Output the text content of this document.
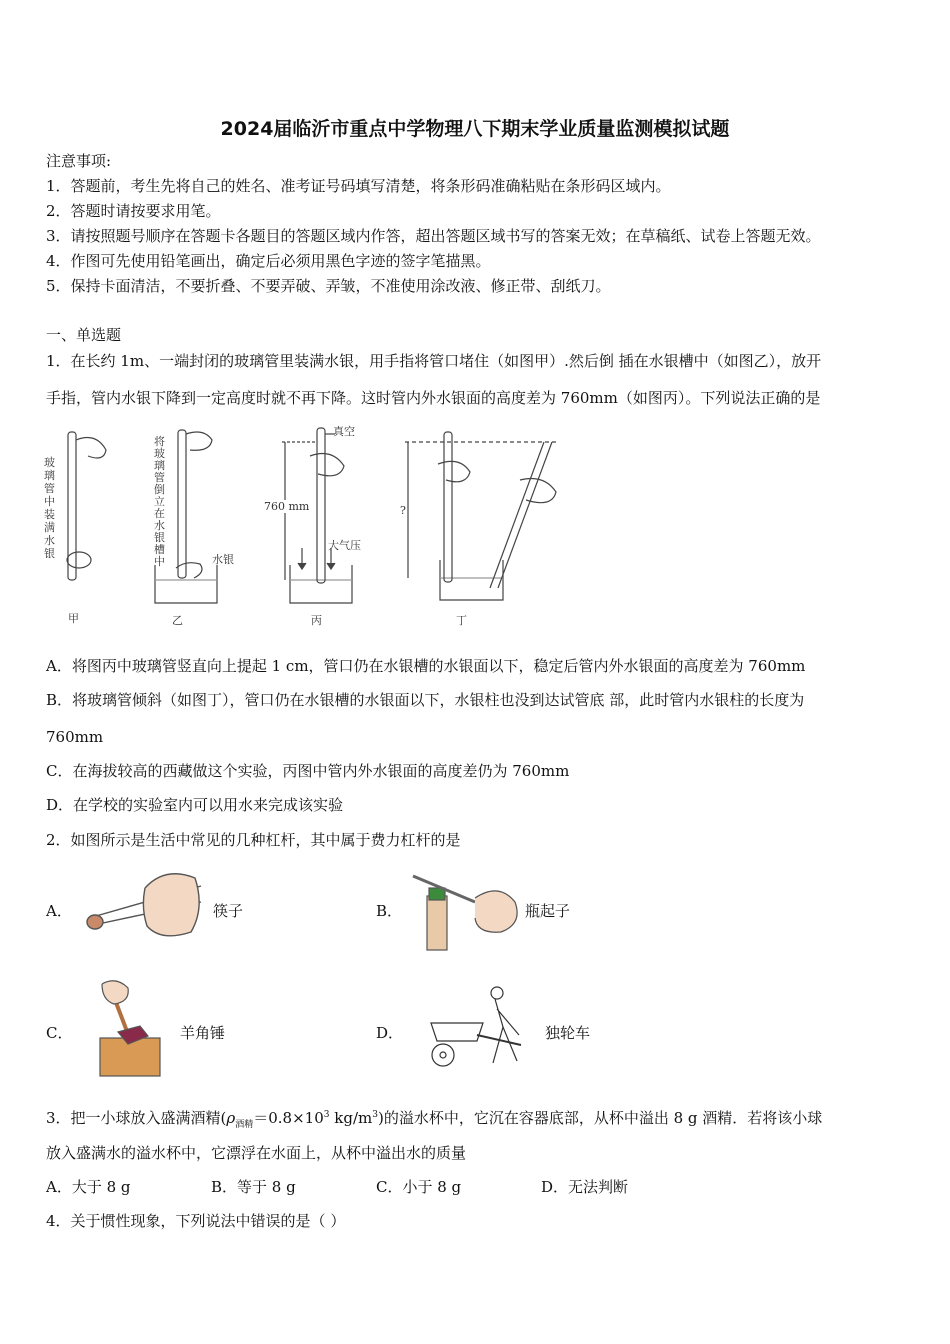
2024届临沂市重点中学物理八下期末学业质量监测模拟试题
注意事项:
1．答题前，考生先将自己的姓名、准考证号码填写清楚，将条形码准确粘贴在条形码区域内。
2．答题时请按要求用笔。
3．请按照题号顺序在答题卡各题目的答题区域内作答，超出答题区域书写的答案无效；在草稿纸、试卷上答题无效。
4．作图可先使用铅笔画出，确定后必须用黑色字迹的签字笔描黑。
5．保持卡面清洁，不要折叠、不要弄破、弄皱，不准使用涂改液、修正带、刮纸刀。
一、单选题
1．在长约 1m、一端封闭的玻璃管里装满水银，用手指将管口堵住（如图甲）.然后倒 插在水银槽中（如图乙），放开
手指，管内水银下降到一定高度时就不再下降。这时管内外水银面的高度差为 760mm（如图丙）。下列说法正确的是
玻璃管中装满水银
将玻璃管倒立在水银槽中	水银
真空
760 mm
大气压
?
甲	乙	丙	丁
A．将图丙中玻璃管竖直向上提起 1 cm，管口仍在水银槽的水银面以下，稳定后管内外水银面的高度差为 760mm
B．将玻璃管倾斜（如图丁），管口仍在水银槽的水银面以下，水银柱也没到达试管底 部，此时管内水银柱的长度为
760mm
C．在海拔较高的西藏做这个实验，丙图中管内外水银面的高度差仍为 760mm
D．在学校的实验室内可以用水来完成该实验
2．如图所示是生活中常见的几种杠杆，其中属于费力杠杆的是
A．	筷子	B．	瓶起子
C．	羊角锤	D．	独轮车
3．把一小球放入盛满酒精($\rho_{酒精}=0.8\times 10^3$ $kg/m^3$)的溢水杯中，它沉在容器底部，从杯中溢出 8 g 酒精．若将该小球
放入盛满水的溢水杯中，它漂浮在水面上，从杯中溢出水的质量
A．大于 8 g	B．等于 8 g	C．小于 8 g	D．无法判断
4．关于惯性现象，下列说法中错误的是（ ）
